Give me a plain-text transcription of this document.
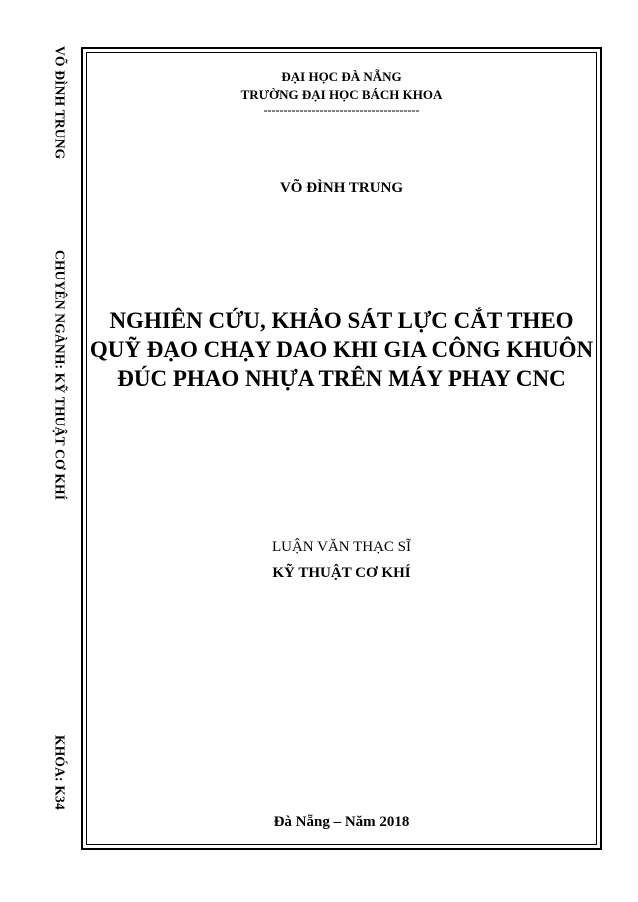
VÕ ĐÌNH TRUNG
CHUYÊN NGÀNH: KỸ THUẬT CƠ KHÍ
KHÓA: K34
ĐẠI HỌC ĐÀ NẴNG
TRƯỜNG ĐẠI HỌC BÁCH KHOA
---------------------------------------
VÕ ĐÌNH TRUNG
NGHIÊN CỨU, KHẢO SÁT LỰC CẮT THEO
QUỸ ĐẠO CHẠY DAO KHI GIA CÔNG KHUÔN
ĐÚC PHAO NHỰA TRÊN MÁY PHAY CNC
LUẬN VĂN THẠC SĨ
KỸ THUẬT CƠ KHÍ
Đà Nẵng – Năm 2018
